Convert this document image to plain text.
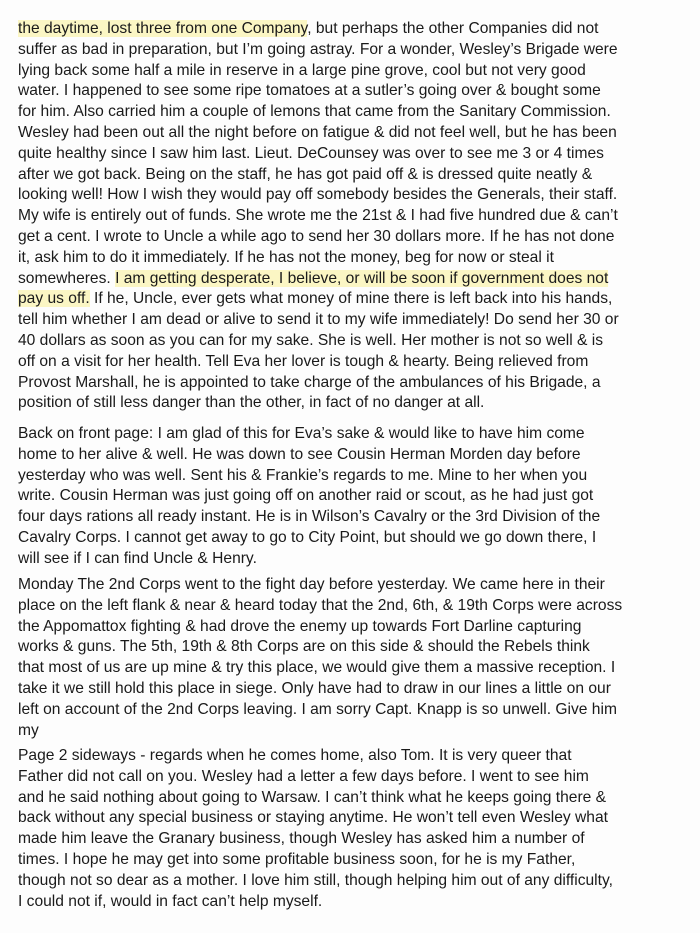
the daytime, lost three from one Company, but perhaps the other Companies did not
suffer as bad in preparation, but I’m going astray. For a wonder, Wesley’s Brigade were
lying back some half a mile in reserve in a large pine grove, cool but not very good
water. I happened to see some ripe tomatoes at a sutler’s going over & bought some
for him. Also carried him a couple of lemons that came from the Sanitary Commission.
Wesley had been out all the night before on fatigue & did not feel well, but he has been
quite healthy since I saw him last. Lieut. DeCounsey was over to see me 3 or 4 times
after we got back. Being on the staff, he has got paid off & is dressed quite neatly &
looking well! How I wish they would pay off somebody besides the Generals, their staff.
My wife is entirely out of funds. She wrote me the 21st & I had five hundred due & can’t
get a cent. I wrote to Uncle a while ago to send her 30 dollars more. If he has not done
it, ask him to do it immediately. If he has not the money, beg for now or steal it
somewheres. I am getting desperate, I believe, or will be soon if government does not
pay us off. If he, Uncle, ever gets what money of mine there is left back into his hands,
tell him whether I am dead or alive to send it to my wife immediately! Do send her 30 or
40 dollars as soon as you can for my sake. She is well. Her mother is not so well & is
off on a visit for her health. Tell Eva her lover is tough & hearty. Being relieved from
Provost Marshall, he is appointed to take charge of the ambulances of his Brigade, a
position of still less danger than the other, in fact of no danger at all.
Back on front page: I am glad of this for Eva’s sake & would like to have him come
home to her alive & well. He was down to see Cousin Herman Morden day before
yesterday who was well. Sent his & Frankie’s regards to me. Mine to her when you
write. Cousin Herman was just going off on another raid or scout, as he had just got
four days rations all ready instant. He is in Wilson’s Cavalry or the 3rd Division of the
Cavalry Corps. I cannot get away to go to City Point, but should we go down there, I
will see if I can find Uncle & Henry.
Monday The 2nd Corps went to the fight day before yesterday. We came here in their
place on the left flank & near & heard today that the 2nd, 6th, & 19th Corps were across
the Appomattox fighting & had drove the enemy up towards Fort Darline capturing
works & guns. The 5th, 19th & 8th Corps are on this side & should the Rebels think
that most of us are up mine & try this place, we would give them a massive reception. I
take it we still hold this place in siege. Only have had to draw in our lines a little on our
left on account of the 2nd Corps leaving. I am sorry Capt. Knapp is so unwell. Give him
my
Page 2 sideways - regards when he comes home, also Tom. It is very queer that
Father did not call on you. Wesley had a letter a few days before. I went to see him
and he said nothing about going to Warsaw. I can’t think what he keeps going there &
back without any special business or staying anytime. He won’t tell even Wesley what
made him leave the Granary business, though Wesley has asked him a number of
times. I hope he may get into some profitable business soon, for he is my Father,
though not so dear as a mother. I love him still, though helping him out of any difficulty,
I could not if, would in fact can’t help myself.
